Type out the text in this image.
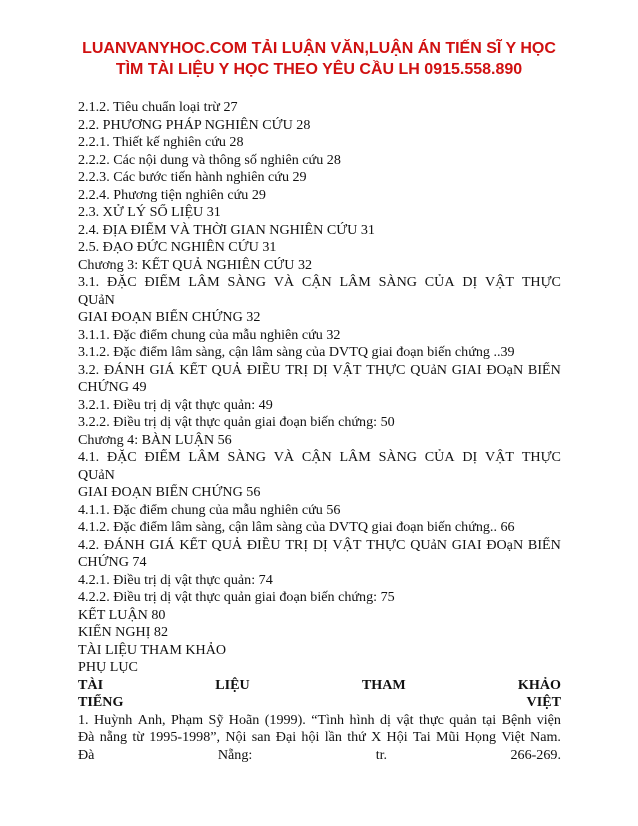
LUANVANYHOC.COM TẢI LUẬN VĂN,LUẬN ÁN TIẾN SĨ Y HỌC
TÌM TÀI LIỆU Y HỌC THEO YÊU CẦU LH 0915.558.890
2.1.2. Tiêu chuẩn loại trừ 27
2.2. PHƯƠNG PHÁP NGHIÊN CỨU 28
2.2.1. Thiết kế nghiên cứu 28
2.2.2. Các nội dung và thông số nghiên cứu 28
2.2.3. Các bước tiến hành nghiên cứu 29
2.2.4. Phương tiện nghiên cứu 29
2.3. XỬ LÝ SỐ LIỆU 31
2.4. ĐỊA ĐIỂM VÀ THỜI GIAN NGHIÊN CỨU 31
2.5. ĐẠO ĐỨC NGHIÊN CỨU 31
Chương 3: KẾT QUẢ NGHIÊN CỨU 32
3.1. ĐẶC ĐIỂM LÂM SÀNG VÀ CẬN LÂM SÀNG CỦA DỊ VẬT THỰC
QUảN
GIAI ĐOẠN BIẾN CHỨNG 32
3.1.1. Đặc điểm chung của mẫu nghiên cứu 32
3.1.2. Đặc điểm lâm sàng, cận lâm sàng của DVTQ giai đoạn biến chứng ..39
3.2. ĐÁNH GIÁ KẾT QUẢ ĐIỀU TRỊ DỊ VẬT THỰC QUảN GIAI ĐOạN BIẾN
CHỨNG 49
3.2.1. Điều trị dị vật thực quản: 49
3.2.2. Điều trị dị vật thực quản giai đoạn biến chứng: 50
Chương 4: BÀN LUẬN 56
4.1. ĐẶC ĐIỂM LÂM SÀNG VÀ CẬN LÂM SÀNG CỦA DỊ VẬT THỰC
QUảN
GIAI ĐOẠN BIẾN CHỨNG 56
4.1.1. Đặc điểm chung của mẫu nghiên cứu 56
4.1.2. Đặc điểm lâm sàng, cận lâm sàng của DVTQ giai đoạn biến chứng.. 66
4.2. ĐÁNH GIÁ KẾT QUẢ ĐIỀU TRỊ DỊ VẬT THỰC QUảN GIAI ĐOạN BIẾN
CHỨNG 74
4.2.1. Điều trị dị vật thực quản: 74
4.2.2. Điều trị dị vật thực quản giai đoạn biến chứng: 75
KẾT LUẬN 80
KIẾN NGHỊ 82
TÀI LIỆU THAM KHẢO
PHỤ LỤC
TÀI	LIỆU	THAM	KHẢO
TIẾNG	VIỆT
1. Huỳnh Anh, Phạm Sỹ Hoãn (1999). “Tình hình dị vật thực quản tại Bệnh viện
Đà nẵng từ 1995-1998”, Nội san Đại hội lần thứ X Hội Tai Mũi Họng Việt Nam.
Đà	Nẵng:	tr.	266-269.
